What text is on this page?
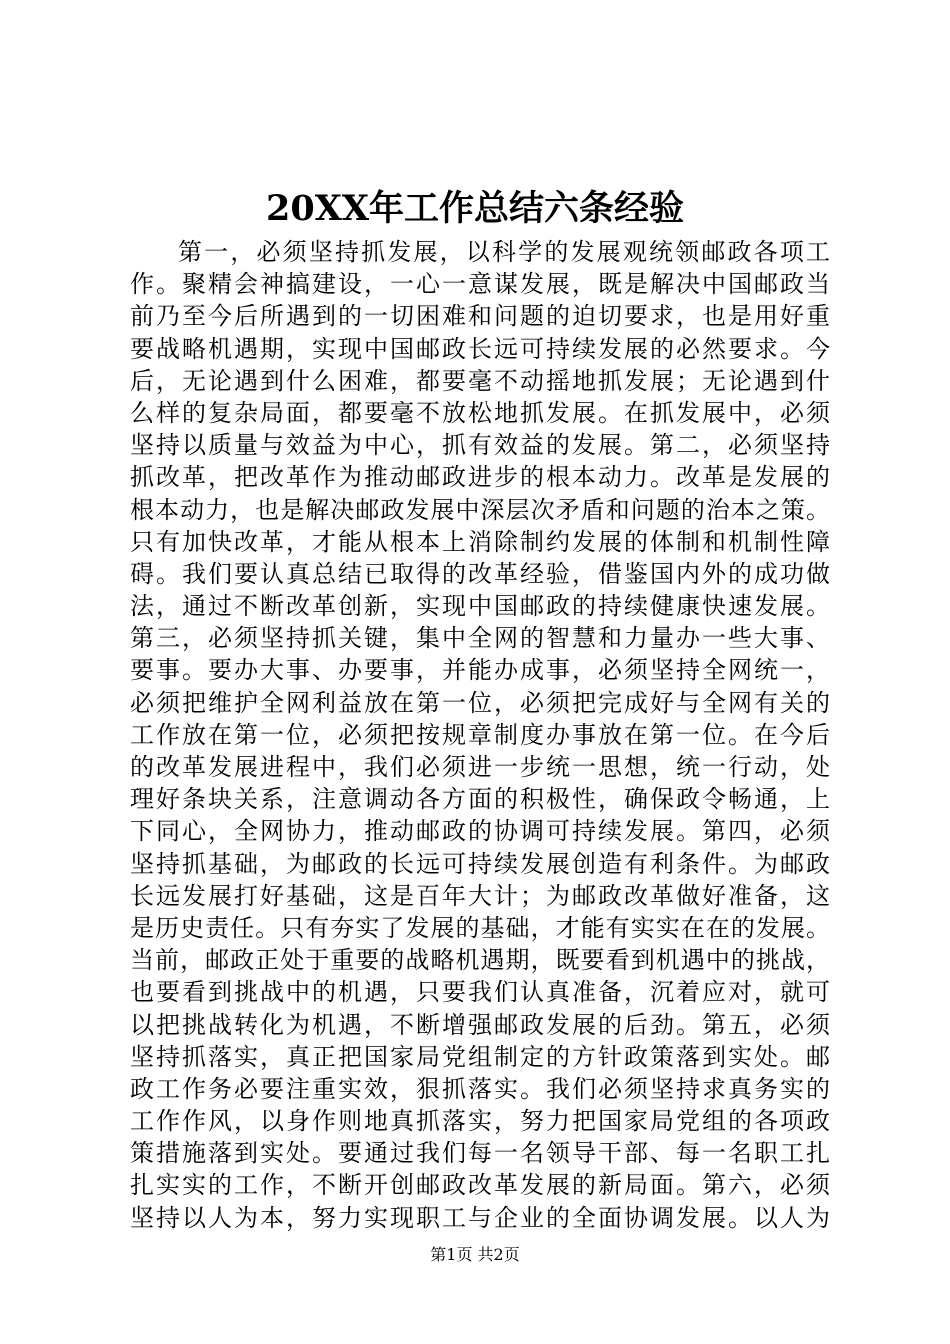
20XX年工作总结六条经验
第一，必须坚持抓发展，以科学的发展观统领邮政各项工
作。聚精会神搞建设，一心一意谋发展，既是解决中国邮政当
前乃至今后所遇到的一切困难和问题的迫切要求，也是用好重
要战略机遇期，实现中国邮政长远可持续发展的必然要求。今
后，无论遇到什么困难，都要毫不动摇地抓发展；无论遇到什
么样的复杂局面，都要毫不放松地抓发展。在抓发展中，必须
坚持以质量与效益为中心，抓有效益的发展。第二，必须坚持
抓改革，把改革作为推动邮政进步的根本动力。改革是发展的
根本动力，也是解决邮政发展中深层次矛盾和问题的治本之策。
只有加快改革，才能从根本上消除制约发展的体制和机制性障
碍。我们要认真总结已取得的改革经验，借鉴国内外的成功做
法，通过不断改革创新，实现中国邮政的持续健康快速发展。
第三，必须坚持抓关键，集中全网的智慧和力量办一些大事、
要事。要办大事、办要事，并能办成事，必须坚持全网统一，
必须把维护全网利益放在第一位，必须把完成好与全网有关的
工作放在第一位，必须把按规章制度办事放在第一位。在今后
的改革发展进程中，我们必须进一步统一思想，统一行动，处
理好条块关系，注意调动各方面的积极性，确保政令畅通，上
下同心，全网协力，推动邮政的协调可持续发展。第四，必须
坚持抓基础，为邮政的长远可持续发展创造有利条件。为邮政
长远发展打好基础，这是百年大计；为邮政改革做好准备，这
是历史责任。只有夯实了发展的基础，才能有实实在在的发展。
当前，邮政正处于重要的战略机遇期，既要看到机遇中的挑战，
也要看到挑战中的机遇，只要我们认真准备，沉着应对，就可
以把挑战转化为机遇，不断增强邮政发展的后劲。第五，必须
坚持抓落实，真正把国家局党组制定的方针政策落到实处。邮
政工作务必要注重实效，狠抓落实。我们必须坚持求真务实的
工作作风，以身作则地真抓落实，努力把国家局党组的各项政
策措施落到实处。要通过我们每一名领导干部、每一名职工扎
扎实实的工作，不断开创邮政改革发展的新局面。第六，必须
坚持以人为本，努力实现职工与企业的全面协调发展。以人为
第1页 共2页
